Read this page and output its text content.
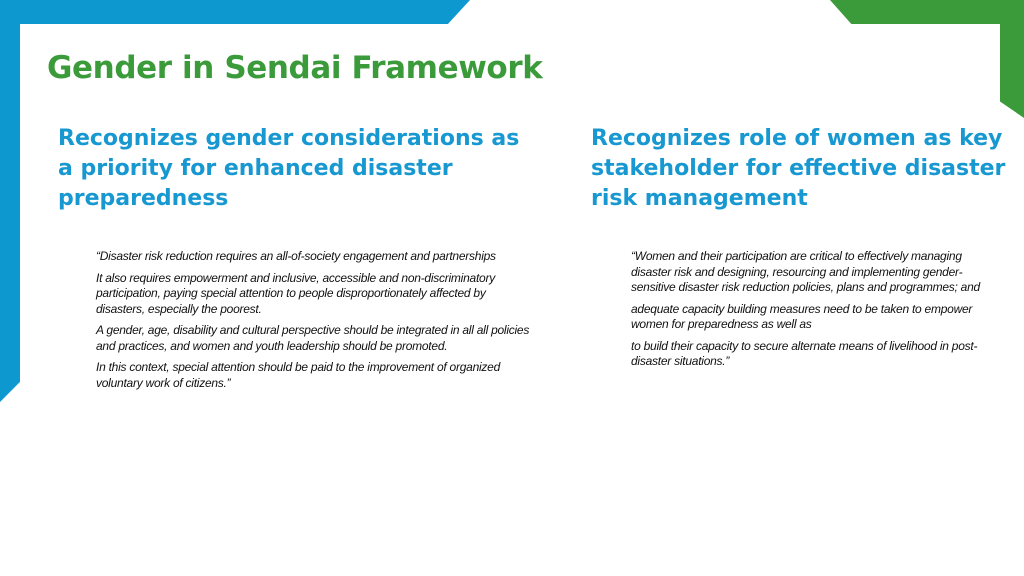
Gender in Sendai Framework
Recognizes gender considerations as a priority for enhanced disaster preparedness
Recognizes role of women as key stakeholder for effective disaster risk management

“Disaster risk reduction requires an all-of-society engagement and partnerships

It also requires empowerment and inclusive, accessible and non-discriminatory participation, paying special attention to people disproportionately affected by disasters, especially the poorest.

A gender, age, disability and cultural perspective should be integrated in all all policies and practices, and women and youth leadership should be promoted.

In this context, special attention should be paid to the improvement of organized voluntary work of citizens.”

“Women and their participation are critical to effectively managing disaster risk and designing, resourcing and implementing gender-sensitive disaster risk reduction policies, plans and programmes; and

adequate capacity building measures need to be taken to empower women for preparedness as well as

to build their capacity to secure alternate means of livelihood in post-disaster situations.”
